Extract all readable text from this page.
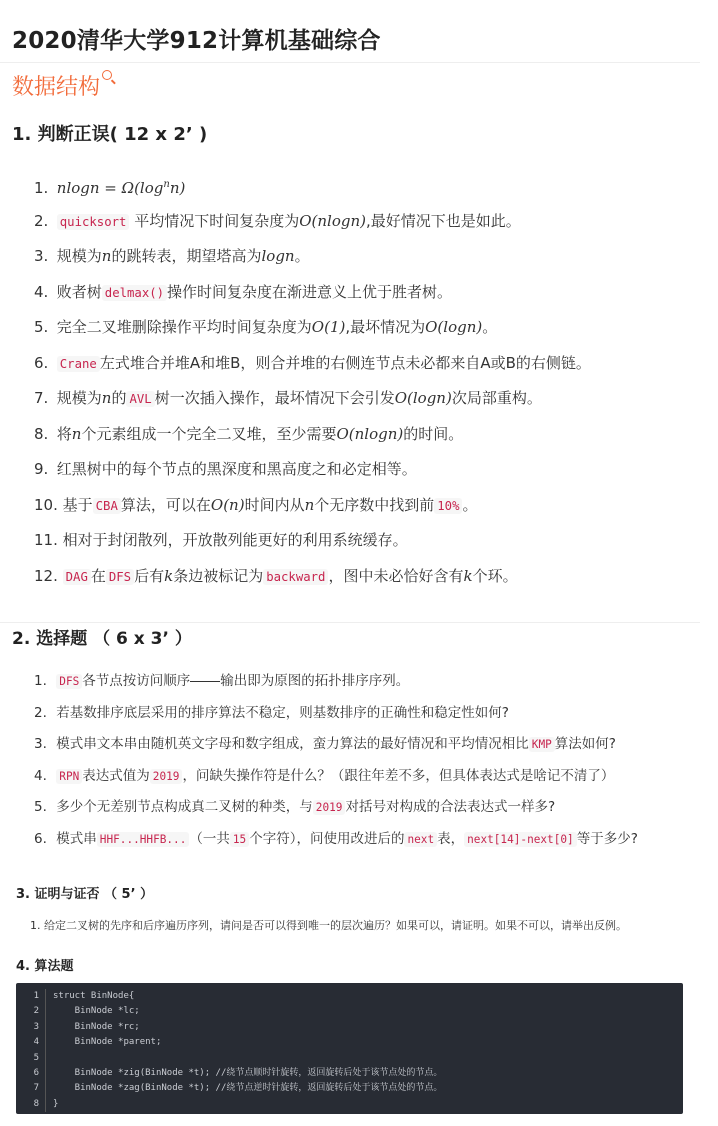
2020清华大学912计算机基础综合
数据结构
1. 判断正误( 12 x 2’ )
1. $nlogn = \Omega(\log^nn)$
2. quicksort 平均情况下时间复杂度为O(nlogn),最好情况下也是如此。
3. 规模为n的跳转表，期望塔高为logn。
4. 败者树 delmax() 操作时间复杂度在渐进意义上优于胜者树。
5. 完全二叉堆删除操作平均时间复杂度为O(1),最坏情况为O(logn)。
6. Crane 左式堆合并堆A和堆B，则合并堆的右侧连节点未必都来自A或B的右侧链。
7. 规模为n的 AVL 树一次插入操作，最坏情况下会引发O(logn)次局部重构。
8. 将n个元素组成一个完全二叉堆，至少需要O(nlogn)的时间。
9. 红黑树中的每个节点的黑深度和黑高度之和必定相等。
10. 基于 CBA 算法，可以在O(n)时间内从n个无序数中找到前 10% 。
11. 相对于封闭散列，开放散列能更好的利用系统缓存。
12. DAG 在 DFS 后有k条边被标记为 backward ，图中未必恰好含有k个环。
2. 选择题 （ 6 x 3’ ）
1. DFS 各节点按访问顺序 输出即为原图的拓扑排序序列。
2. 若基数排序底层采用的排序算法不稳定，则基数排序的正确性和稳定性如何?
3. 模式串文本串由随机英文字母和数字组成，蛮力算法的最好情况和平均情况相比 KMP 算法如何?
4. RPN 表达式值为 2019 ，问缺失操作符是什么？（跟往年差不多，但具体表达式是啥记不清了）
5. 多少个无差别节点构成真二叉树的种类，与 2019 对括号对构成的合法表达式一样多?
6. 模式串 HHF...HHFB... （一共 15 个字符），问使用改进后的 next 表， next[14]-next[0] 等于多少?
3. 证明与证否 （ 5’ ）
1. 给定二叉树的先序和后序遍历序列，请问是否可以得到唯一的层次遍历？如果可以，请证明。如果不可以，请举出反例。
4. 算法题
1
2
3
4
5
6
7
8
struct BinNode{
BinNode *lc;
BinNode *rc;
BinNode *parent;
BinNode *zig(BinNode *t); //绕节点顺时针旋转，返回旋转后处于该节点处的节点。
BinNode *zag(BinNode *t); //绕节点逆时针旋转，返回旋转后处于该节点处的节点。
}
